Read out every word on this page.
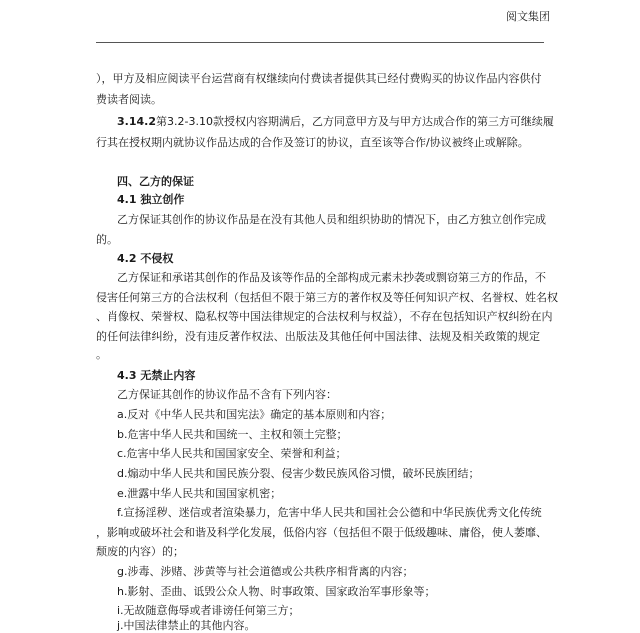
阅文集团
），甲方及相应阅读平台运营商有权继续向付费读者提供其已经付费购买的协议作品内容供付
费读者阅读。
3.14.2第3.2-3.10款授权内容期满后，乙方同意甲方及与甲方达成合作的第三方可继续履
行其在授权期内就协议作品达成的合作及签订的协议，直至该等合作/协议被终止或解除。
四、乙方的保证
4.1 独立创作
乙方保证其创作的协议作品是在没有其他人员和组织协助的情况下，由乙方独立创作完成
的。
4.2 不侵权
乙方保证和承诺其创作的作品及该等作品的全部构成元素未抄袭或剽窃第三方的作品，不
侵害任何第三方的合法权利（包括但不限于第三方的著作权及等任何知识产权、名誉权、姓名权
、肖像权、荣誉权、隐私权等中国法律规定的合法权利与权益），不存在包括知识产权纠纷在内
的任何法律纠纷，没有违反著作权法、出版法及其他任何中国法律、法规及相关政策的规定
。
4.3 无禁止内容
乙方保证其创作的协议作品不含有下列内容：
a.反对《中华人民共和国宪法》确定的基本原则和内容；
b.危害中华人民共和国统一、主权和领土完整；
c.危害中华人民共和国国家安全、荣誉和利益；
d.煽动中华人民共和国民族分裂、侵害少数民族风俗习惯，破坏民族团结；
e.泄露中华人民共和国国家机密；
f.宣扬淫秽、迷信或者渲染暴力，危害中华人民共和国社会公德和中华民族优秀文化传统
，影响或破坏社会和谐及科学化发展，低俗内容（包括但不限于低级趣味、庸俗，使人萎靡、
颓废的内容）的；
g.涉毒、涉赌、涉黄等与社会道德或公共秩序相背离的内容；
h.影射、歪曲、诋毁公众人物、时事政策、国家政治军事形象等；
i.无故随意侮辱或者诽谤任何第三方；
j.中国法律禁止的其他内容。
